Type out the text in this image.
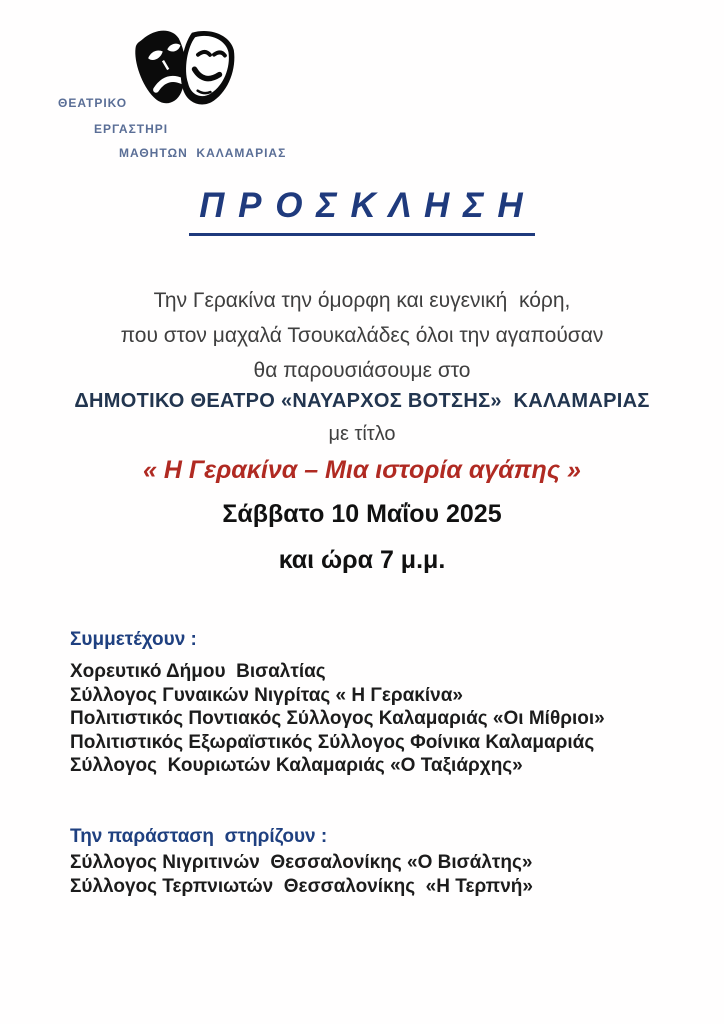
ΘΕΑΤΡΙΚΟ
ΕΡΓΑΣΤΗΡΙ
ΜΑΘΗΤΩΝ  ΚΑΛΑΜΑΡΙΑΣ
Π Ρ Ο Σ Κ Λ Η Σ Η
Την Γερακίνα την όμορφη και ευγενική  κόρη,
που στον μαχαλά Τσουκαλάδες όλοι την αγαπούσαν
θα παρουσιάσουμε στο
ΔΗΜΟΤΙΚΟ ΘΕΑΤΡΟ «ΝΑΥΑΡΧΟΣ ΒΟΤΣΗΣ»  ΚΑΛΑΜΑΡΙΑΣ
με τίτλο
« Η Γερακίνα – Μια ιστορία αγάπης »
Σάββατο 10 Μαΐου 2025
και ώρα 7 μ.μ.
Συμμετέχουν :
Χορευτικό Δήμου  Βισαλτίας
Σύλλογος Γυναικών Νιγρίτας « Η Γερακίνα»
Πολιτιστικός Ποντιακός Σύλλογος Καλαμαριάς «Οι Μίθριοι»
Πολιτιστικός Εξωραϊστικός Σύλλογος Φοίνικα Καλαμαριάς
Σύλλογος  Κουριωτών Καλαμαριάς «Ο Ταξιάρχης»
Την παράσταση  στηρίζουν :
Σύλλογος Νιγριτινών  Θεσσαλονίκης «Ο Βισάλτης»
Σύλλογος Τερπνιωτών  Θεσσαλονίκης  «Η Τερπνή»
